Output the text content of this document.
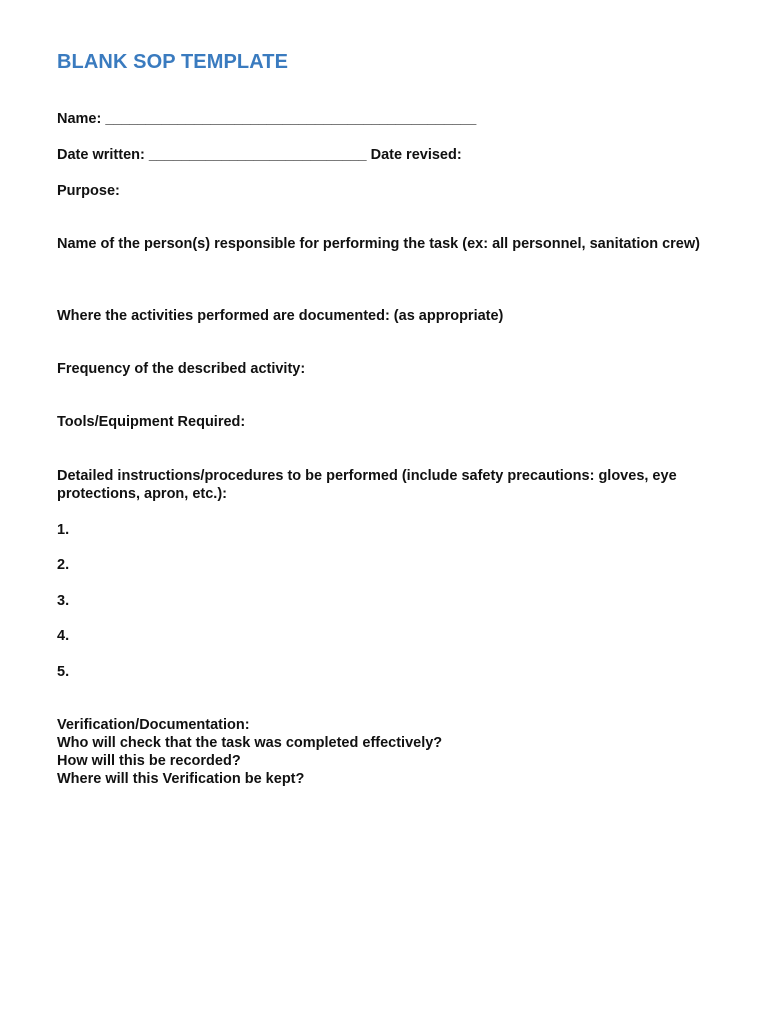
BLANK SOP TEMPLATE
Name: ______________________________________________
Date written: ___________________________ Date revised:
Purpose:
Name of the person(s) responsible for performing the task (ex: all personnel, sanitation crew)
Where the activities performed are documented: (as appropriate)
Frequency of the described activity:
Tools/Equipment Required:
Detailed instructions/procedures to be performed (include safety precautions: gloves, eye protections, apron, etc.):
1.
2.
3.
4.
5.
Verification/Documentation:
Who will check that the task was completed effectively?
How will this be recorded?
Where will this Verification be kept?
